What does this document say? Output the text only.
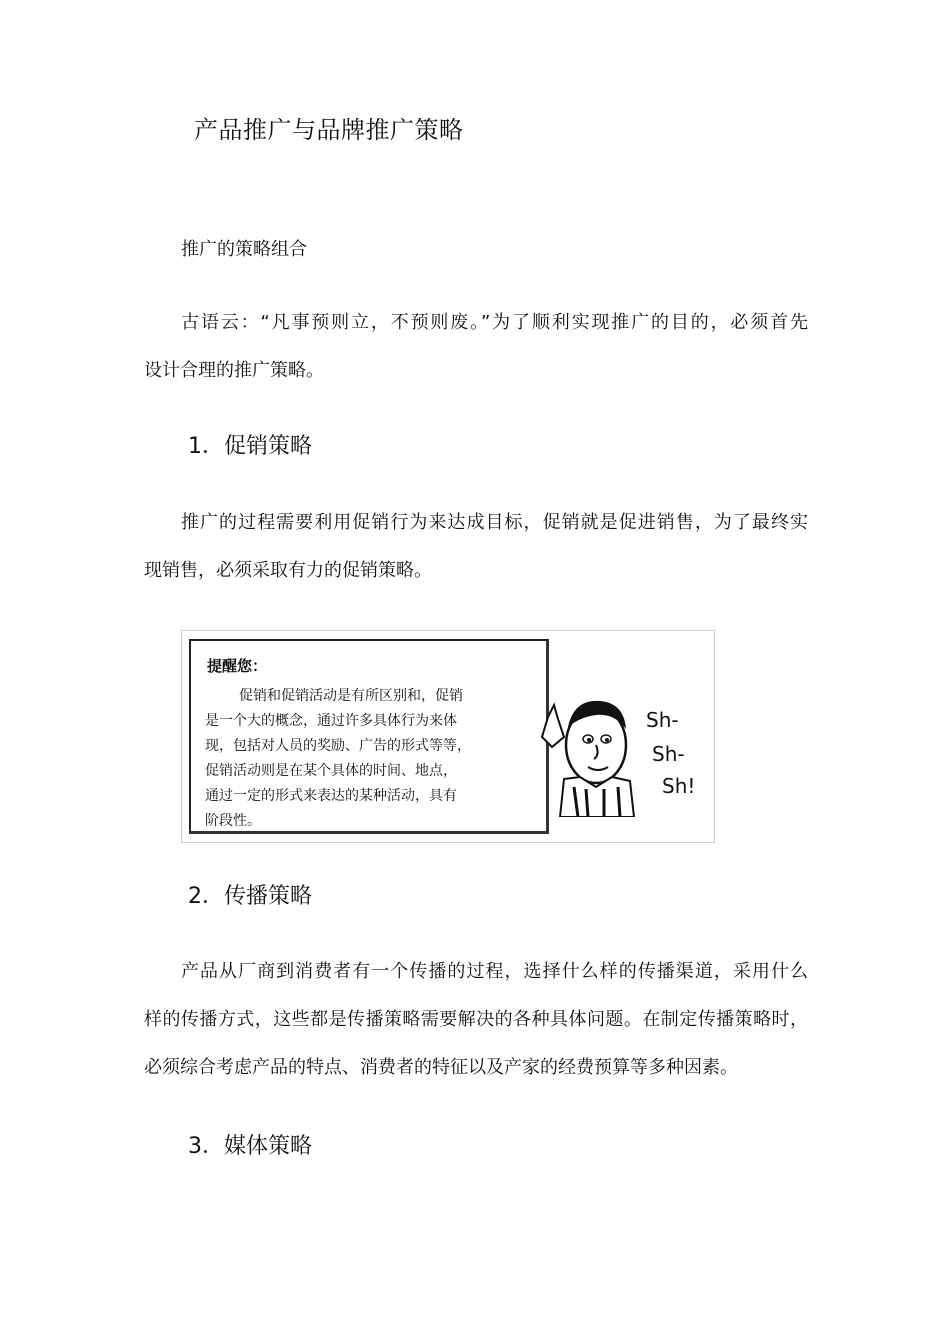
产品推广与品牌推广策略
推广的策略组合
古语云：“凡事预则立，不预则废。”为了顺利实现推广的目的，必须首先
设计合理的推广策略。
1．促销策略
推广的过程需要利用促销行为来达成目标，促销就是促进销售，为了最终实
现销售，必须采取有力的促销策略。
提醒您：
促销和促销活动是有所区别和，促销
是一个大的概念，通过许多具体行为来体
现，包括对人员的奖励、广告的形式等等，
促销活动则是在某个具体的时间、地点，
通过一定的形式来表达的某种活动，具有
阶段性。
Sh-
Sh-
Sh!
2．传播策略
产品从厂商到消费者有一个传播的过程，选择什么样的传播渠道，采用什么
样的传播方式，这些都是传播策略需要解决的各种具体问题。在制定传播策略时，
必须综合考虑产品的特点、消费者的特征以及产家的经费预算等多种因素。
3．媒体策略
